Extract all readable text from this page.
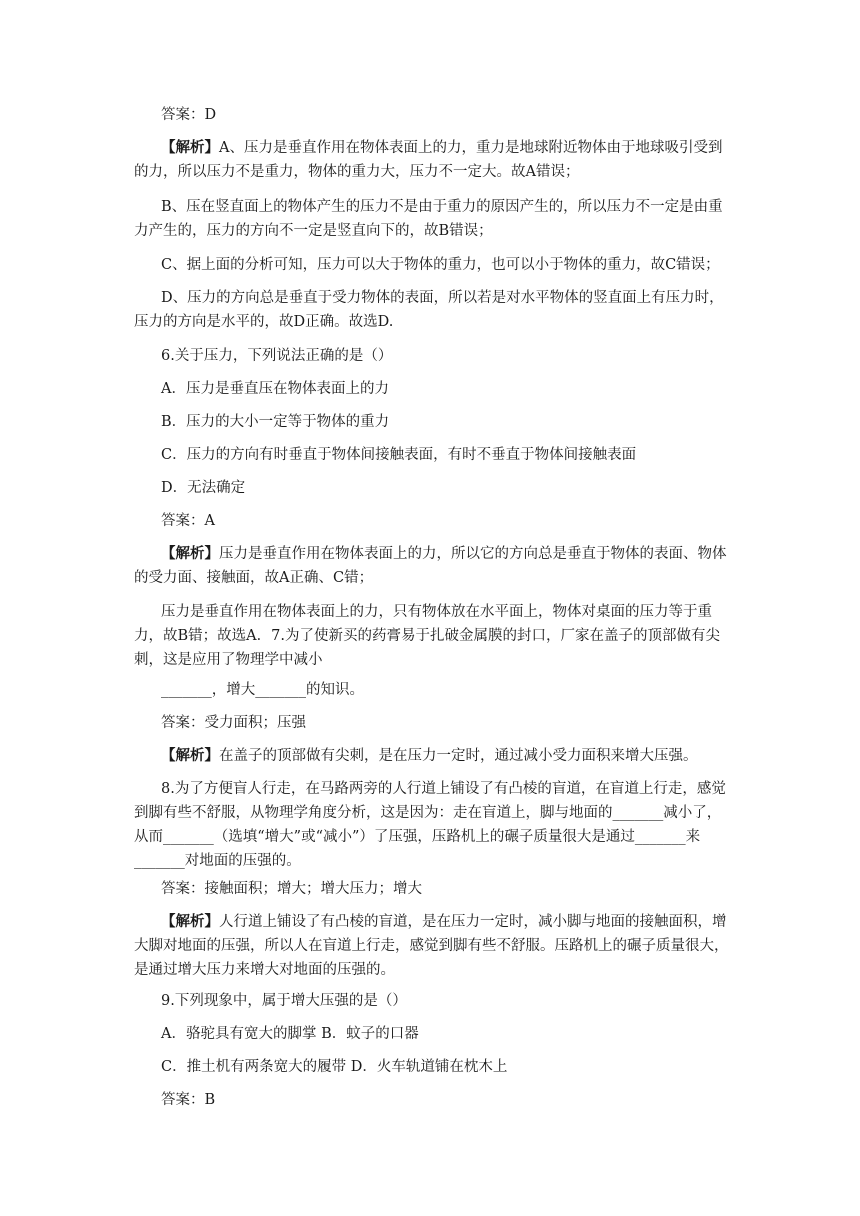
答案：D

【解析】A、压力是垂直作用在物体表面上的力，重力是地球附近物体由于地球吸引受到的力，所以压力不是重力，物体的重力大，压力不一定大。故A错误；

B、压在竖直面上的物体产生的压力不是由于重力的原因产生的，所以压力不一定是由重力产生的，压力的方向不一定是竖直向下的，故B错误；

C、据上面的分析可知，压力可以大于物体的重力，也可以小于物体的重力，故C错误；

D、压力的方向总是垂直于受力物体的表面，所以若是对水平物体的竖直面上有压力时，压力的方向是水平的，故D正确。故选D.

6.关于压力，下列说法正确的是（）

A．压力是垂直压在物体表面上的力

B．压力的大小一定等于物体的重力

C．压力的方向有时垂直于物体间接触表面，有时不垂直于物体间接触表面

D．无法确定

答案：A

【解析】压力是垂直作用在物体表面上的力，所以它的方向总是垂直于物体的表面、物体的受力面、接触面，故A正确、C错；

压力是垂直作用在物体表面上的力，只有物体放在水平面上，物体对桌面的压力等于重力，故B错；故选A．7.为了使新买的药膏易于扎破金属膜的封口，厂家在盖子的顶部做有尖刺，这是应用了物理学中减小

_______，增大_______的知识。

答案：受力面积；压强

【解析】在盖子的顶部做有尖刺，是在压力一定时，通过减小受力面积来增大压强。

8.为了方便盲人行走，在马路两旁的人行道上铺设了有凸棱的盲道，在盲道上行走，感觉到脚有些不舒服，从物理学角度分析，这是因为：走在盲道上，脚与地面的_______减小了，从而_______（选填“增大”或“减小”）了压强，压路机上的碾子质量很大是通过_______来_______对地面的压强的。

答案：接触面积；增大；增大压力；增大

【解析】人行道上铺设了有凸棱的盲道，是在压力一定时，减小脚与地面的接触面积，增大脚对地面的压强，所以人在盲道上行走，感觉到脚有些不舒服。压路机上的碾子质量很大，是通过增大压力来增大对地面的压强的。

9.下列现象中，属于增大压强的是（）

A．骆驼具有宽大的脚掌 B．蚊子的口器

C．推土机有两条宽大的履带 D．火车轨道铺在枕木上

答案：B
